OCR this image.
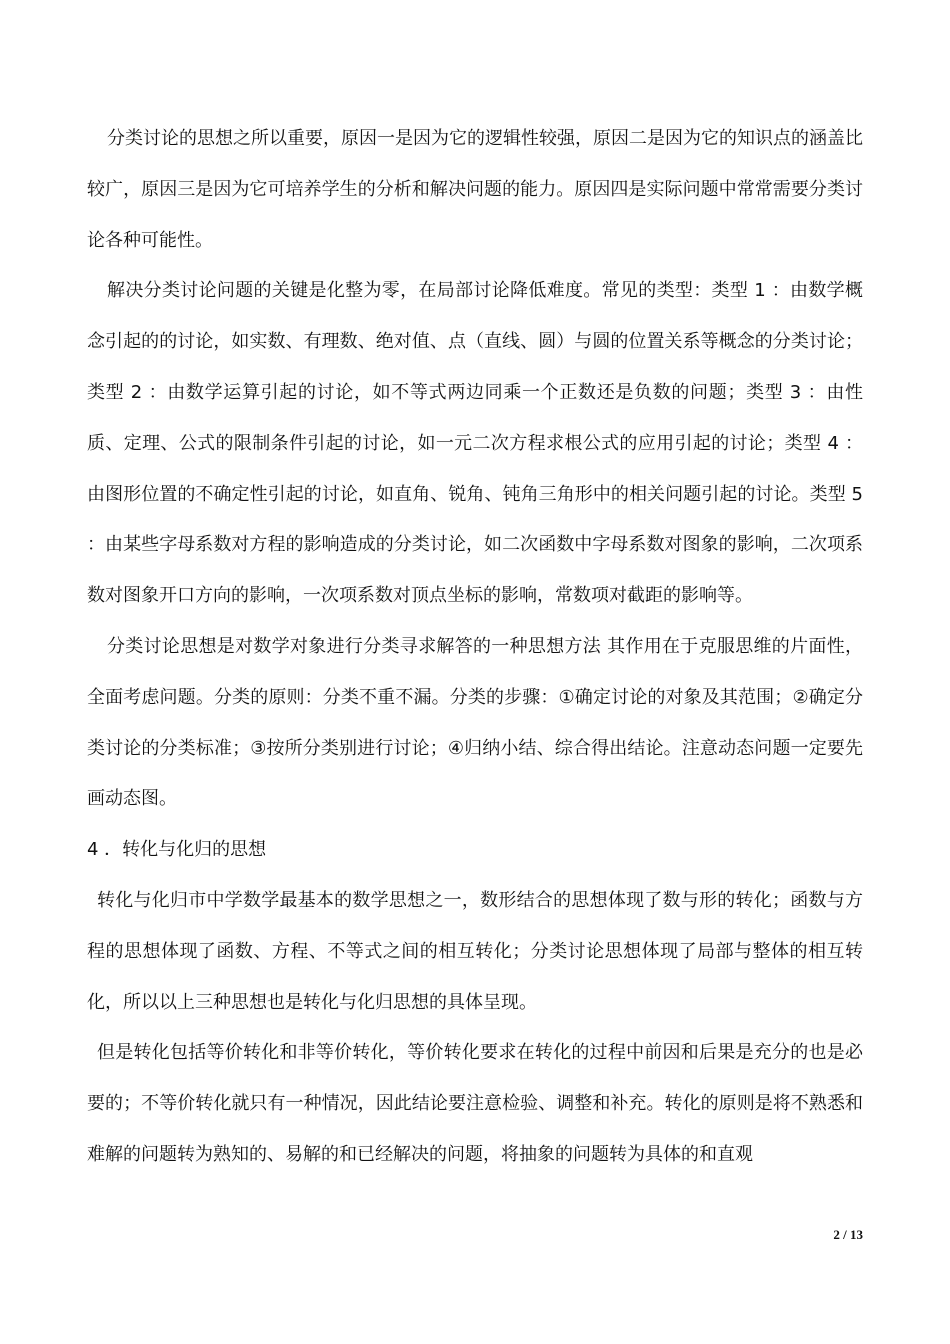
分类讨论的思想之所以重要，原因一是因为它的逻辑性较强，原因二是因为它的知识点的涵盖比较广，原因三是因为它可培养学生的分析和解决问题的能力。原因四是实际问题中常常需要分类讨论各种可能性。

解决分类讨论问题的关键是化整为零，在局部讨论降低难度。常见的类型：类型 1 ：由数学概念引起的的讨论，如实数、有理数、绝对值、点（直线、圆）与圆的位置关系等概念的分类讨论；类型 2 ：由数学运算引起的讨论，如不等式两边同乘一个正数还是负数的问题；类型 3 ：由性质、定理、公式的限制条件引起的讨论，如一元二次方程求根公式的应用引起的讨论；类型 4 ：由图形位置的不确定性引起的讨论，如直角、锐角、钝角三角形中的相关问题引起的讨论。类型 5 ：由某些字母系数对方程的影响造成的分类讨论，如二次函数中字母系数对图象的影响，二次项系数对图象开口方向的影响，一次项系数对顶点坐标的影响，常数项对截距的影响等。

分类讨论思想是对数学对象进行分类寻求解答的一种思想方法 其作用在于克服思维的片面性，全面考虑问题。分类的原则：分类不重不漏。分类的步骤：①确定讨论的对象及其范围；②确定分类讨论的分类标准；③按所分类别进行讨论；④归纳小结、综合得出结论。注意动态问题一定要先画动态图。

4 ．转化与化归的思想

转化与化归市中学数学最基本的数学思想之一，数形结合的思想体现了数与形的转化；函数与方程的思想体现了函数、方程、不等式之间的相互转化；分类讨论思想体现了局部与整体的相互转化，所以以上三种思想也是转化与化归思想的具体呈现。

但是转化包括等价转化和非等价转化，等价转化要求在转化的过程中前因和后果是充分的也是必要的；不等价转化就只有一种情况，因此结论要注意检验、调整和补充。转化的原则是将不熟悉和难解的问题转为熟知的、易解的和已经解决的问题，将抽象的问题转为具体的和直观

2 / 13
